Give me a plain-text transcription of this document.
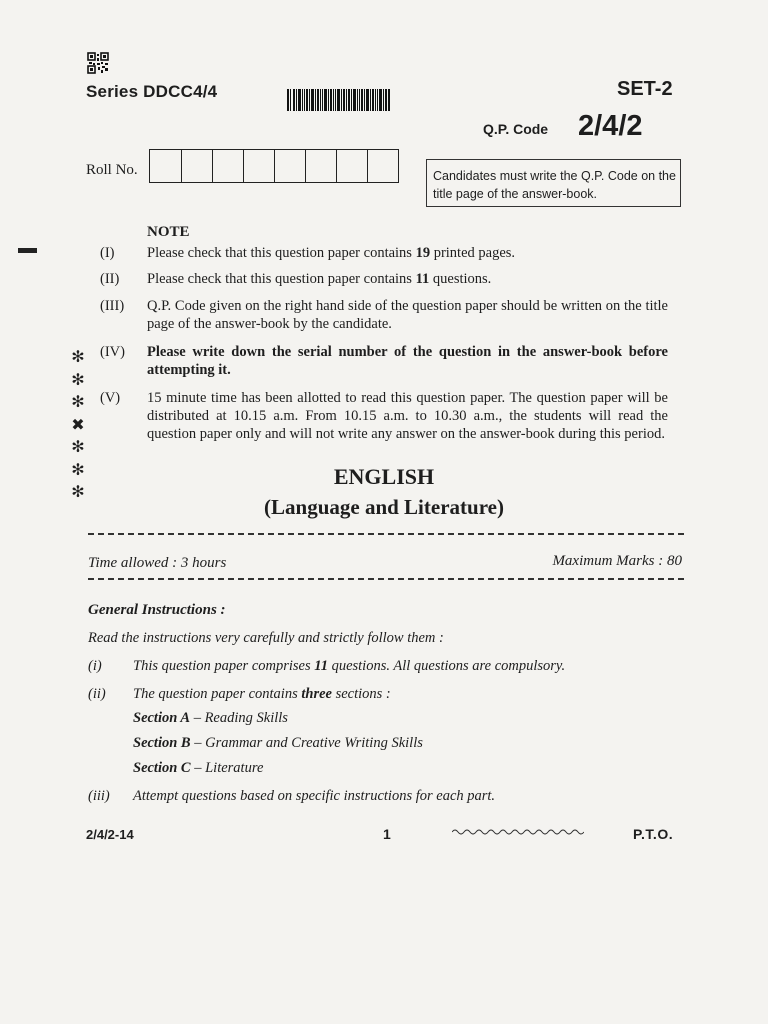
Series DDCC4/4	SET-2
Q.P. Code 2/4/2
Roll No.	Candidates must write the Q.P. Code on the title page of the answer-book.
NOTE
(I)	Please check that this question paper contains 19 printed pages.
(II)	Please check that this question paper contains 11 questions.
(III)	Q.P. Code given on the right hand side of the question paper should be written on the title page of the answer-book by the candidate.
(IV)	Please write down the serial number of the question in the answer-book before attempting it.
(V)	15 minute time has been allotted to read this question paper. The question paper will be distributed at 10.15 a.m. From 10.15 a.m. to 10.30 a.m., the students will read the question paper only and will not write any answer on the answer-book during this period.
✻
✻
✻
✖
✻
✻
✻
ENGLISH
(Language and Literature)
Time allowed : 3 hours	Maximum Marks : 80
General Instructions :
Read the instructions very carefully and strictly follow them :
(i)	This question paper comprises 11 questions. All questions are compulsory.
(ii)	The question paper contains three sections :
Section A – Reading Skills
Section B – Grammar and Creative Writing Skills
Section C – Literature
(iii)	Attempt questions based on specific instructions for each part.
2/4/2-14	1	P.T.O.
